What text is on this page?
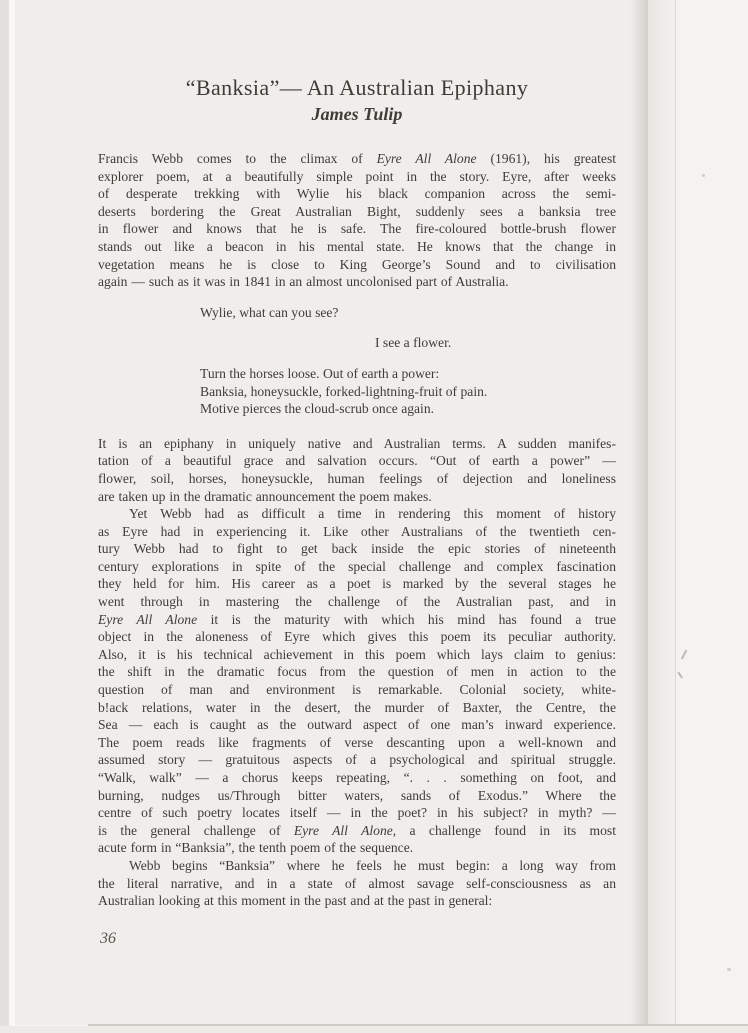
“Banksia”— An Australian Epiphany
James Tulip
Francis Webb comes to the climax of Eyre All Alone (1961), his greatest
explorer poem, at a beautifully simple point in the story. Eyre, after weeks
of desperate trekking with Wylie his black companion across the semi-
deserts bordering the Great Australian Bight, suddenly sees a banksia tree
in flower and knows that he is safe. The fire-coloured bottle-brush flower
stands out like a beacon in his mental state. He knows that the change in
vegetation means he is close to King George’s Sound and to civilisation
again — such as it was in 1841 in an almost uncolonised part of Australia.
Wylie, what can you see?
I see a flower.
Turn the horses loose. Out of earth a power:
Banksia, honeysuckle, forked-lightning-fruit of pain.
Motive pierces the cloud-scrub once again.
It is an epiphany in uniquely native and Australian terms. A sudden manifes-
tation of a beautiful grace and salvation occurs. “Out of earth a power” —
flower, soil, horses, honeysuckle, human feelings of dejection and loneliness
are taken up in the dramatic announcement the poem makes.
Yet Webb had as difficult a time in rendering this moment of history
as Eyre had in experiencing it. Like other Australians of the twentieth cen-
tury Webb had to fight to get back inside the epic stories of nineteenth
century explorations in spite of the special challenge and complex fascination
they held for him. His career as a poet is marked by the several stages he
went through in mastering the challenge of the Australian past, and in
Eyre All Alone it is the maturity with which his mind has found a true
object in the aloneness of Eyre which gives this poem its peculiar authority.
Also, it is his technical achievement in this poem which lays claim to genius:
the shift in the dramatic focus from the question of men in action to the
question of man and environment is remarkable. Colonial society, white-
b!ack relations, water in the desert, the murder of Baxter, the Centre, the
Sea — each is caught as the outward aspect of one man’s inward experience.
The poem reads like fragments of verse descanting upon a well-known and
assumed story — gratuitous aspects of a psychological and spiritual struggle.
“Walk, walk” — a chorus keeps repeating, “. . . something on foot, and
burning, nudges us/Through bitter waters, sands of Exodus.” Where the
centre of such poetry locates itself — in the poet? in his subject? in myth? —
is the general challenge of Eyre All Alone, a challenge found in its most
acute form in “Banksia”, the tenth poem of the sequence.
Webb begins “Banksia” where he feels he must begin: a long way from
the literal narrative, and in a state of almost savage self-consciousness as an
Australian looking at this moment in the past and at the past in general:
36
